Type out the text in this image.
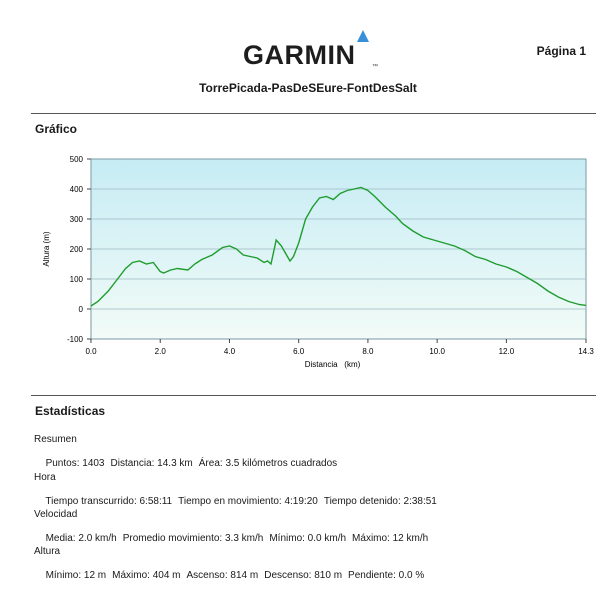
GARMIN	™
Página 1
TorrePicada-PasDeSEure-FontDesSalt
Gráfico
500
400
300
200
100
0
-100
0.0	2.0	4.0	6.0	8.0	10.0	12.0	14.3
Altura (m)
Distancia   (km)
Estadísticas
Resumen

Puntos: 1403 Distancia: 14.3 km Área: 3.5 kilómetros cuadrados

Hora

Tiempo transcurrido: 6:58:11 Tiempo en movimiento: 4:19:20 Tiempo detenido: 2:38:51

Velocidad

Media: 2.0 km/h Promedio movimiento: 3.3 km/h Mínimo: 0.0 km/h Máximo: 12 km/h

Altura

Mínimo: 12 m Máximo: 404 m Ascenso: 814 m Descenso: 810 m Pendiente: 0.0 %
